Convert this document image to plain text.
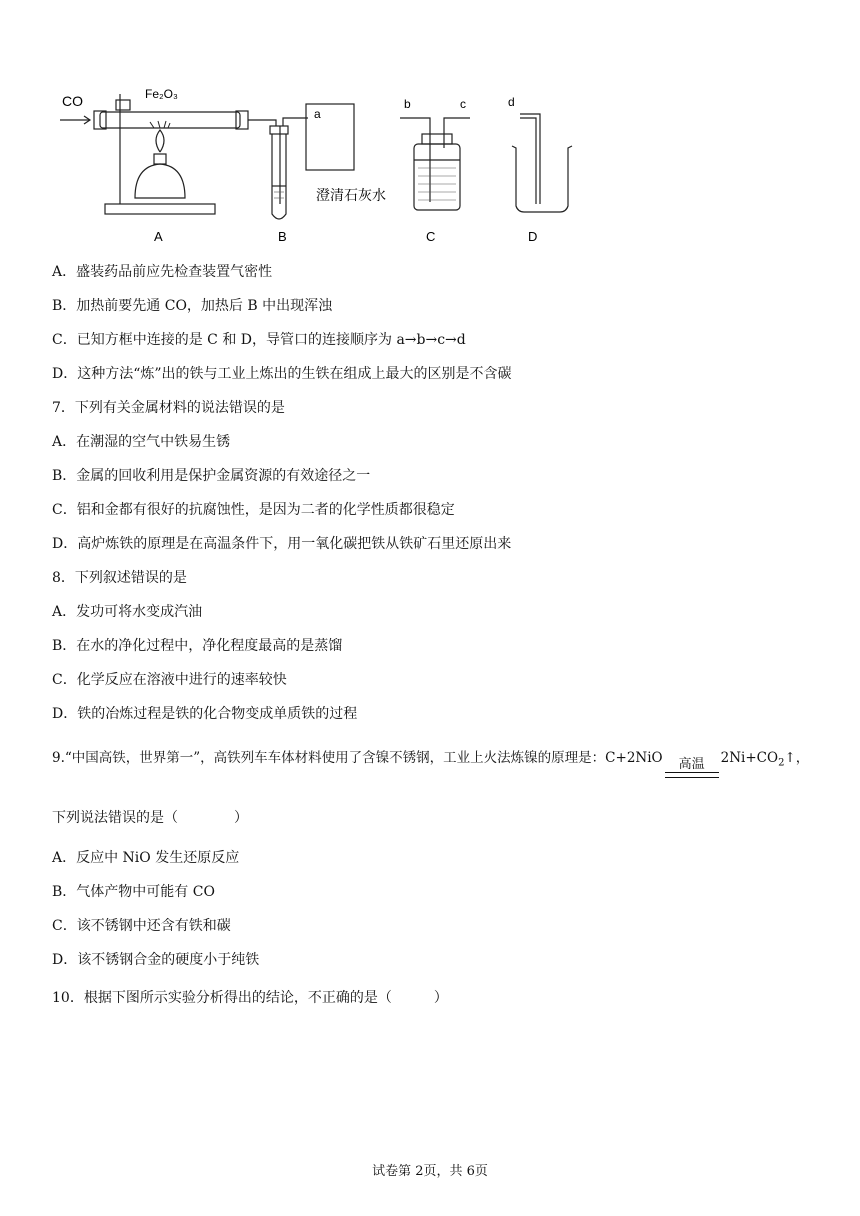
CO	Fe₂O₃
a
澄清石灰水
b	c	d
A	B	C	D
A．盛装药品前应先检查装置气密性
B．加热前要先通 CO，加热后 B 中出现浑浊
C．已知方框中连接的是 C 和 D，导管口的连接顺序为 a→b→c→d
D．这种方法“炼”出的铁与工业上炼出的生铁在组成上最大的区别是不含碳
7．下列有关金属材料的说法错误的是
A．在潮湿的空气中铁易生锈
B．金属的回收利用是保护金属资源的有效途径之一
C．铝和金都有很好的抗腐蚀性，是因为二者的化学性质都很稳定
D．高炉炼铁的原理是在高温条件下，用一氧化碳把铁从铁矿石里还原出来
8．下列叙述错误的是
A．发功可将水变成汽油
B．在水的净化过程中，净化程度最高的是蒸馏
C．化学反应在溶液中进行的速率较快
D．铁的冶炼过程是铁的化合物变成单质铁的过程
9.“中国高铁，世界第一”，高铁列车车体材料使用了含镍不锈钢，工业上火法炼镍的原理是：C+2NiO 高温 $2Ni+CO_2↑$，
下列说法错误的是（　　　　）
A．反应中 NiO 发生还原反应
B．气体产物中可能有 CO
C．该不锈钢中还含有铁和碳
D．该不锈钢合金的硬度小于纯铁
10．根据下图所示实验分析得出的结论，不正确的是（　　　）
试卷第 2页，共 6页
